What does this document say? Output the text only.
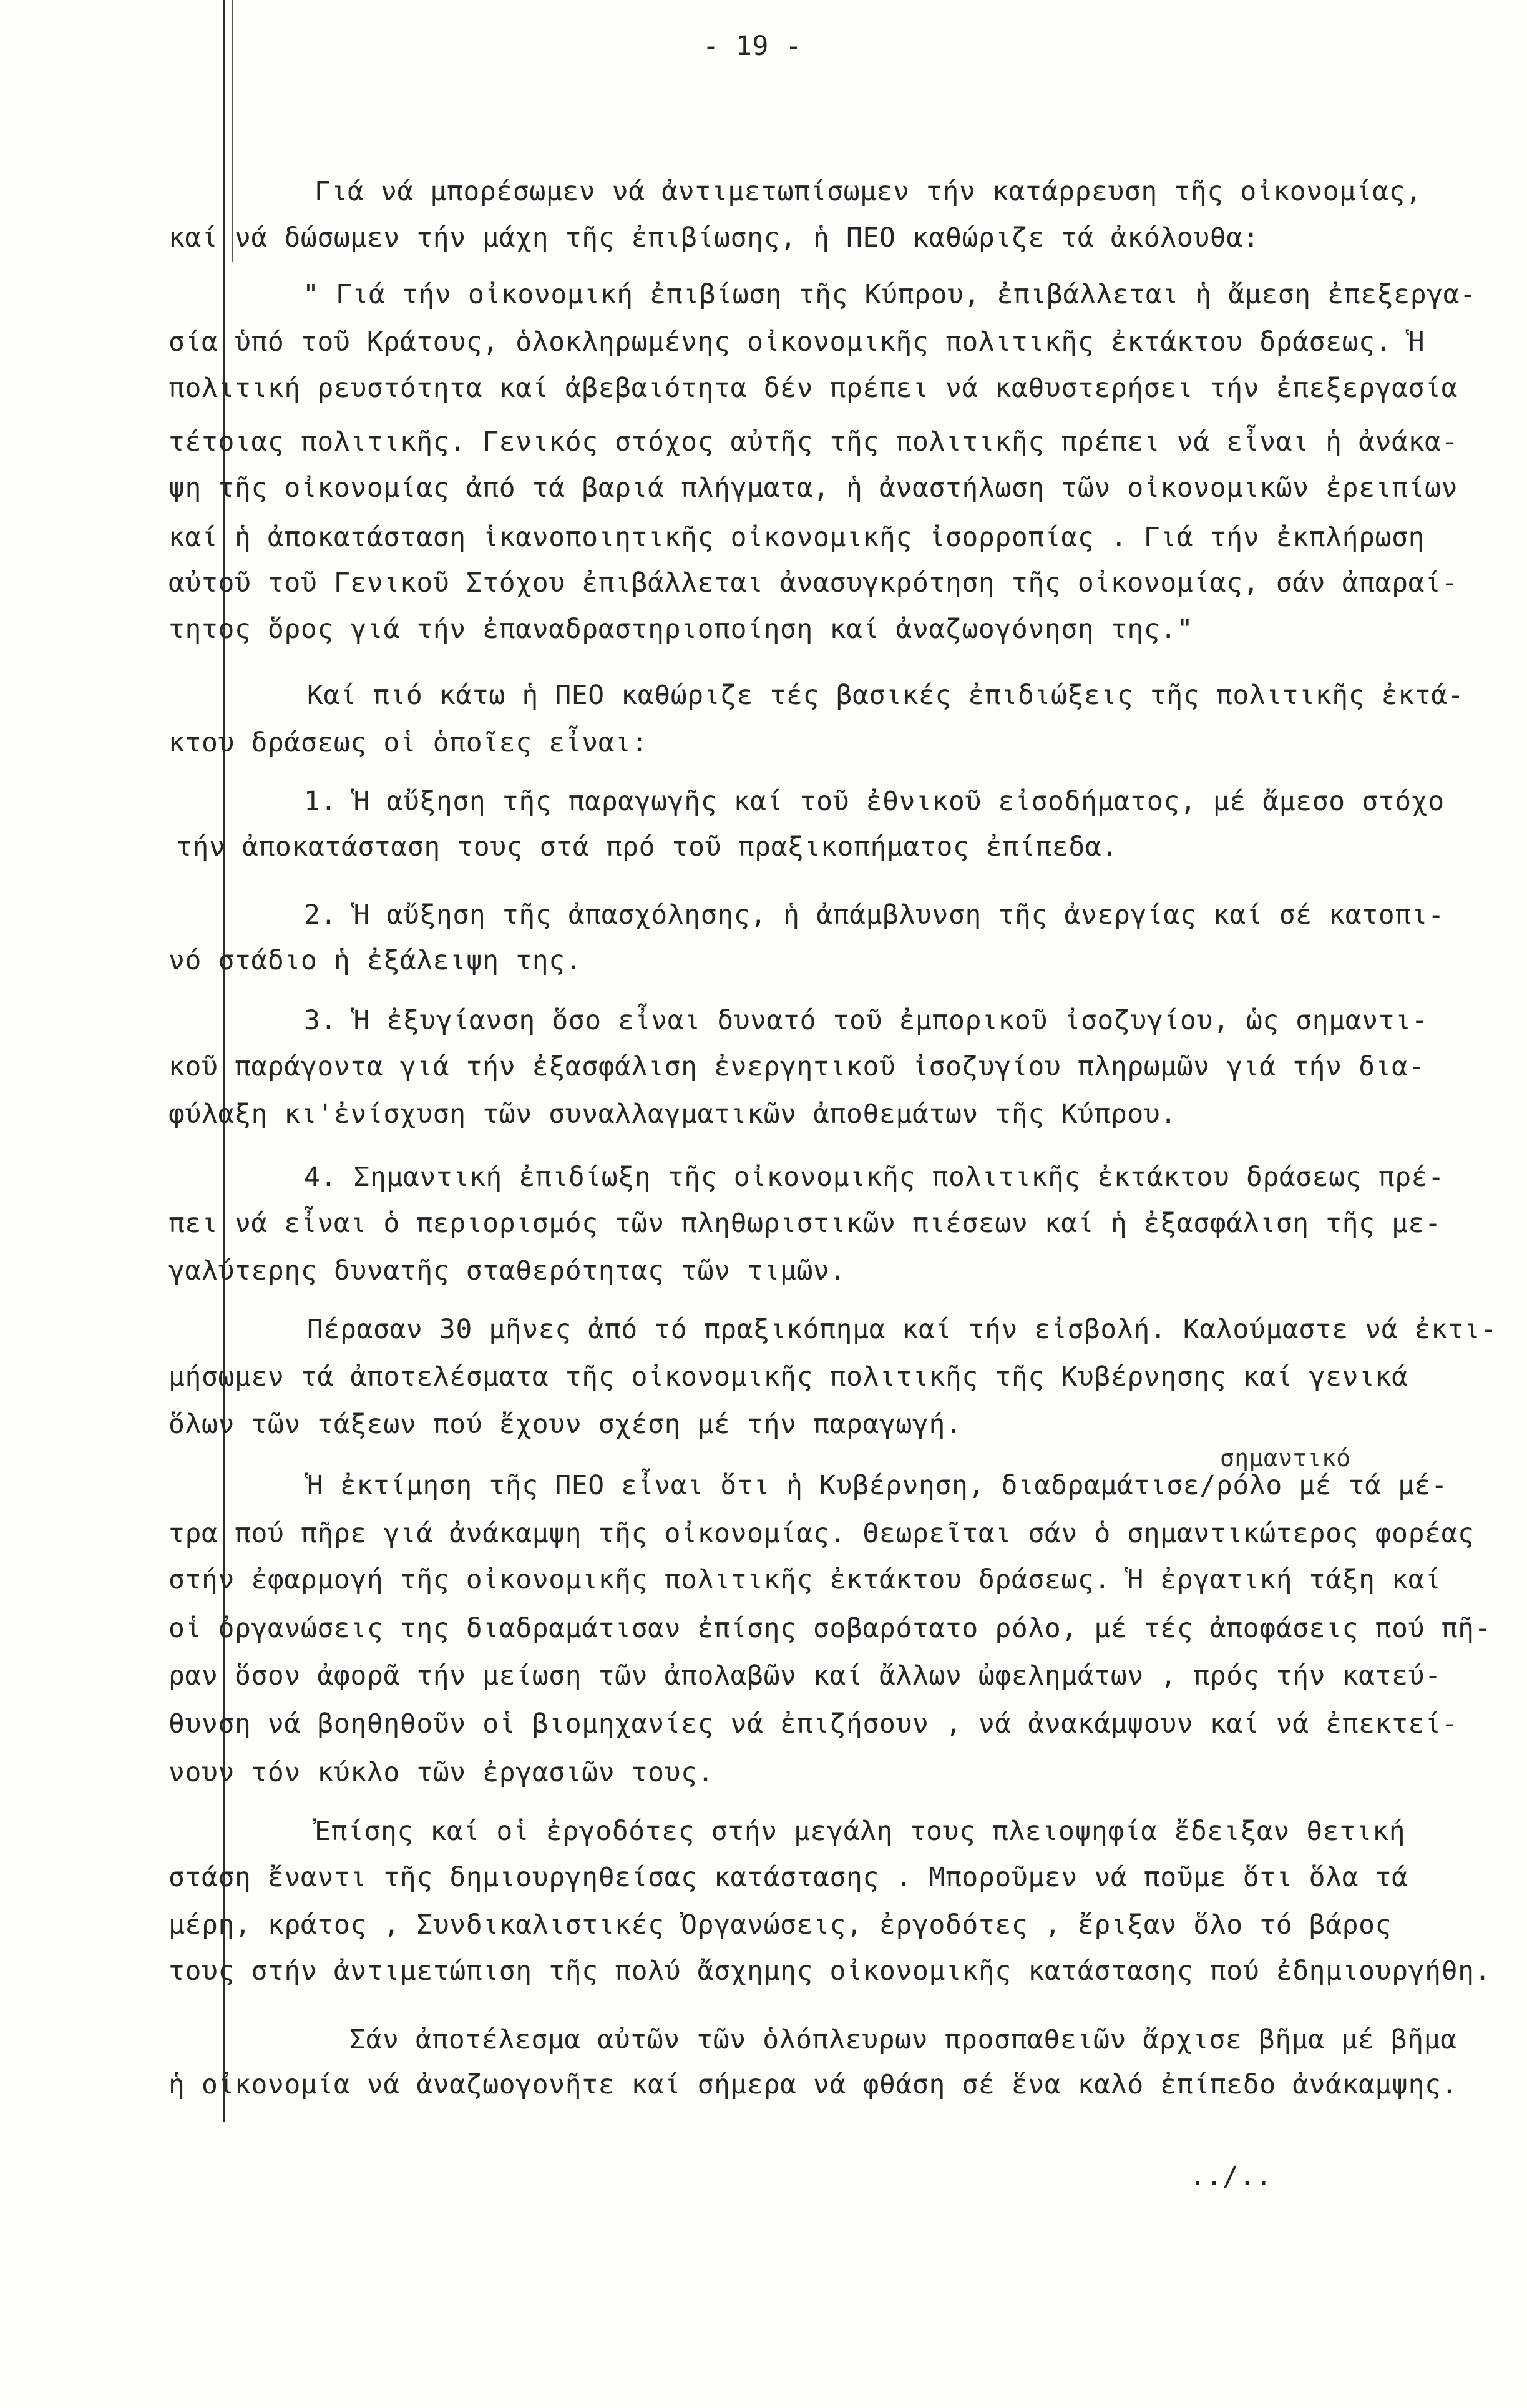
- 19 -
Γιά νά μπορέσωμεν νά ἀντιμετωπίσωμεν τήν κατάρρευση τῆς οἰκονομίας,
καί νά δώσωμεν τήν μάχη τῆς ἐπιβίωσης, ἡ ΠΕΟ καθώριζε τά ἀκόλουθα:
" Γιά τήν οἰκονομική ἐπιβίωση τῆς Κύπρου, ἐπιβάλλεται ἡ ἄμεση ἐπεξεργα-
σία ὑπό τοῦ Κράτους, ὁλοκληρωμένης οἰκονομικῆς πολιτικῆς ἐκτάκτου δράσεως. Ἡ
πολιτική ρευστότητα καί ἀβεβαιότητα δέν πρέπει νά καθυστερήσει τήν ἐπεξεργασία
τέτοιας πολιτικῆς. Γενικός στόχος αὐτῆς τῆς πολιτικῆς πρέπει νά εἶναι ἡ ἀνάκα-
ψη τῆς οἰκονομίας ἀπό τά βαριά πλήγματα, ἡ ἀναστήλωση τῶν οἰκονομικῶν ἐρειπίων
καί ἡ ἀποκατάσταση ἱκανοποιητικῆς οἰκονομικῆς ἰσορροπίας . Γιά τήν ἐκπλήρωση
αὐτοῦ τοῦ Γενικοῦ Στόχου ἐπιβάλλεται ἀνασυγκρότηση τῆς οἰκονομίας, σάν ἀπαραί-
τητος ὅρος γιά τήν ἐπαναδραστηριοποίηση καί ἀναζωογόνηση της."
Καί πιό κάτω ἡ ΠΕΟ καθώριζε τές βασικές ἐπιδιώξεις τῆς πολιτικῆς ἐκτά-
κτου δράσεως οἱ ὁποῖες εἶναι:
1. Ἡ αὔξηση τῆς παραγωγῆς καί τοῦ ἐθνικοῦ εἰσοδήματος, μέ ἄμεσο στόχο
τήν ἀποκατάσταση τους στά πρό τοῦ πραξικοπήματος ἐπίπεδα.
2. Ἡ αὔξηση τῆς ἀπασχόλησης, ἡ ἀπάμβλυνση τῆς ἀνεργίας καί σέ κατοπι-
νό στάδιο ἡ ἐξάλειψη της.
3. Ἡ ἐξυγίανση ὅσο εἶναι δυνατό τοῦ ἐμπορικοῦ ἰσοζυγίου, ὡς σημαντι-
κοῦ παράγοντα γιά τήν ἐξασφάλιση ἐνεργητικοῦ ἰσοζυγίου πληρωμῶν γιά τήν δια-
φύλαξη κι'ἐνίσχυση τῶν συναλλαγματικῶν ἀποθεμάτων τῆς Κύπρου.
4. Σημαντική ἐπιδίωξη τῆς οἰκονομικῆς πολιτικῆς ἐκτάκτου δράσεως πρέ-
πει νά εἶναι ὁ περιορισμός τῶν πληθωριστικῶν πιέσεων καί ἡ ἐξασφάλιση τῆς με-
γαλύτερης δυνατῆς σταθερότητας τῶν τιμῶν.
Πέρασαν 30 μῆνες ἀπό τό πραξικόπημα καί τήν εἰσβολή. Καλούμαστε νά ἐκτι-
μήσωμεν τά ἀποτελέσματα τῆς οἰκονομικῆς πολιτικῆς τῆς Κυβέρνησης καί γενικά
ὅλων τῶν τάξεων πού ἔχουν σχέση μέ τήν παραγωγή.
σημαντικό
Ἡ ἐκτίμηση τῆς ΠΕΟ εἶναι ὅτι ἡ Κυβέρνηση, διαδραμάτισε/ρόλο μέ τά μέ-
τρα πού πῆρε γιά ἀνάκαμψη τῆς οἰκονομίας. Θεωρεῖται σάν ὁ σημαντικώτερος φορέας
στήν ἐφαρμογή τῆς οἰκονομικῆς πολιτικῆς ἐκτάκτου δράσεως. Ἡ ἐργατική τάξη καί
οἱ ὀργανώσεις της διαδραμάτισαν ἐπίσης σοβαρότατο ρόλο, μέ τές ἀποφάσεις πού πῆ-
ραν ὅσον ἀφορᾶ τήν μείωση τῶν ἀπολαβῶν καί ἄλλων ὠφελημάτων , πρός τήν κατεύ-
θυνση νά βοηθηθοῦν οἱ βιομηχανίες νά ἐπιζήσουν , νά ἀνακάμψουν καί νά ἐπεκτεί-
νουν τόν κύκλο τῶν ἐργασιῶν τους.
Ἐπίσης καί οἱ ἐργοδότες στήν μεγάλη τους πλειοψηφία ἔδειξαν θετική
στάση ἔναντι τῆς δημιουργηθείσας κατάστασης . Μποροῦμεν νά ποῦμε ὅτι ὅλα τά
μέρη, κράτος , Συνδικαλιστικές Ὀργανώσεις, ἐργοδότες , ἔριξαν ὅλο τό βάρος
τους στήν ἀντιμετώπιση τῆς πολύ ἄσχημης οἰκονομικῆς κατάστασης πού ἐδημιουργήθη.
Σάν ἀποτέλεσμα αὐτῶν τῶν ὁλόπλευρων προσπαθειῶν ἄρχισε βῆμα μέ βῆμα
ἡ οἰκονομία νά ἀναζωογονῆτε καί σήμερα νά φθάση σέ ἕνα καλό ἐπίπεδο ἀνάκαμψης.
../..
